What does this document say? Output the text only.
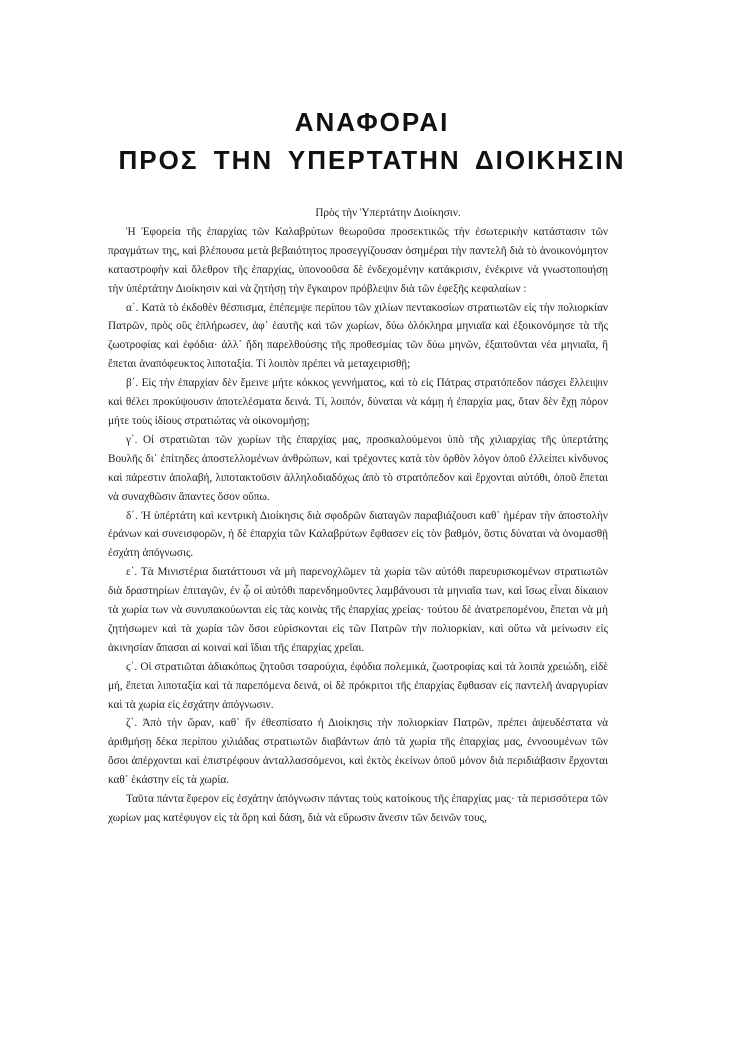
ΑΝΑΦΟΡΑΙ
ΠΡΟΣ ΤΗΝ ΥΠΕΡΤΑΤΗΝ ΔΙΟΙΚΗΣΙΝ

Πρὸς τὴν Ὑπερτάτην Διοίκησιν.

Ἡ Ἐφορεία τῆς ἐπαρχίας τῶν Καλαβρύτων θεωροῦσα προσεκτικῶς τὴν ἐσωτερικὴν κατάστασιν τῶν πραγμάτων της, καὶ βλέπουσα μετὰ βεβαιότητος προσεγγίζουσαν ὁσημέραι τὴν παντελῆ διὰ τὸ ἀνοικονόμητον καταστροφὴν καὶ ὄλεθρον τῆς ἐπαρχίας, ὑπονοοῦσα δὲ ἐνδεχομένην κατάκρισιν, ἐνέκρινε νὰ γνωστοποιήσῃ τὴν ὑπέρτάτην Διοίκησιν καὶ νὰ ζητήσῃ τὴν ἔγκαιρον πρόβλεψιν διὰ τῶν ἐφεξῆς κεφαλαίων :

α΄. Κατὰ τὸ ἐκδοθὲν θέσπισμα, ἐπέπεμψε περίπου τῶν χιλίων πεντακοσίων στρατιωτῶν εἰς τὴν πολιορκίαν Πατρῶν, πρὸς οὓς ἐπλήρωσεν, ἀφ᾽ ἑαυτῆς καὶ τῶν χωρίων, δύω ὁλόκληρα μηνιαῖα καὶ ἐξοικονόμησε τὰ τῆς ζωοτροφίας καὶ ἐφόδια· ἀλλ᾽ ἤδη παρελθούσης τῆς προθεσμίας τῶν δύω μηνῶν, ἐξαιτοῦνται νέα μηνιαῖα, ἢ ἕπεται ἀναπόφευκτος λιποταξία. Τί λοιπὸν πρέπει νὰ μεταχειρισθῇ;

β΄. Εἰς τὴν ἐπαρχίαν δὲν ἔμεινε μήτε κόκκος γεννήματος, καὶ τὸ εἰς Πάτρας στρατόπεδον πάσχει ἔλλειψιν καὶ θέλει προκύψουσιν ἀποτελέσματα δεινά. Τί, λοιπόν, δύναται νὰ κάμῃ ἡ ἐπαρχία μας, ὅταν δὲν ἔχῃ πόρον μήτε τοὺς ἰδίους στρατιώτας νὰ οἰκονομήσῃ;

γ΄. Οἱ στρατιῶται τῶν χωρίων τῆς ἐπαρχίας μας, προσκαλούμενοι ὑπὸ τῆς χιλιαρχίας τῆς ὑπερτάτης Βουλῆς δι᾽ ἐπίτηδες ἀποστελλομένων ἀνθρώπων, καὶ τρέχοντες κατὰ τὸν ὀρθὸν λόγον ὁποῦ ἐλλείπει κίνδυνος καὶ πάρεστιν ἀπολαβή, λιποτακτοῦσιν ἀλληλοδιαδόχως ἀπὸ τὸ στρατόπεδον καὶ ἔρχονται αὐτόθι, ὁποῦ ἕπεται νὰ συναχθῶσιν ἅπαντες ὅσον οὔπω.

δ΄. Ἡ ὑπέρτάτη καὶ κεντρικὴ Διοίκησις διὰ σφοδρῶν διαταγῶν παραβιάζουσι καθ᾽ ἡμέραν τὴν ἀποστολὴν ἐράνων καὶ συνεισφορῶν, ἡ δὲ ἐπαρχία τῶν Καλαβρύτων ἔφθασεν εἰς τὸν βαθμόν, ὅστις δύναται νὰ ὀνομασθῇ ἐσχάτη ἀπόγνωσις.

ε΄. Τὰ Μινιστέρια διατάττουσι νὰ μὴ παρενοχλῶμεν τὰ χωρία τῶν αὐτόθι παρευρισκομένων στρατιωτῶν διὰ δραστηρίων ἐπιταγῶν, ἐν ᾧ οἱ αὐτόθι παρενδημοῦντες λαμβάνουσι τὰ μηνιαῖα των, καὶ ἴσως εἶναι δίκαιον τὰ χωρία των νὰ συνυπακούωνται εἰς τὰς κοινὰς τῆς ἐπαρχίας χρείας· τούτου δὲ ἀνατρεπομένου, ἕπεται νὰ μὴ ζητήσωμεν καὶ τὰ χωρία τῶν ὅσοι εὑρίσκονται εἰς τῶν Πατρῶν τὴν πολιορκίαν, καὶ οὕτω νὰ μείνωσιν εἰς ἀκινησίαν ἅπασαι αἱ κοιναὶ καὶ ἴδιαι τῆς ἐπαρχίας χρεῖαι.

ϛ΄. Οἱ στρατιῶται ἀδιακόπως ζητοῦσι τσαρούχια, ἐφόδια πολεμικά, ζωοτροφίας καὶ τὰ λοιπὰ χρειώδη, εἰδὲ μή, ἕπεται λιποταξία καὶ τὰ παρεπόμενα δεινά, οἱ δὲ πρόκριτοι τῆς ἐπαρχίας ἔφθασαν εἰς παντελῆ ἀναργυρίαν καὶ τὰ χωρία εἰς ἐσχάτην ἀπόγνωσιν.

ζ΄. Ἀπὸ τὴν ὥραν, καθ᾽ ἣν ἐθεσπίσατο ἡ Διοίκησις τὴν πολιορκίαν Πατρῶν, πρέπει ἀψευδέστατα νὰ ἀριθμήσῃ δέκα περίπου χιλιάδας στρατιωτῶν διαβάντων ἀπὸ τὰ χωρία τῆς ἐπαρχίας μας, ἐννοουμένων τῶν ὅσοι ἀπέρχονται καὶ ἐπιστρέφουν ἀνταλλασσόμενοι, καὶ ἐκτὸς ἐκείνων ὁποῦ μόνον διὰ περιδιάβασιν ἔρχονται καθ᾽ ἑκάστην εἰς τὰ χωρία.

Ταῦτα πάντα ἔφερον εἰς ἐσχάτην ἀπόγνωσιν πάντας τοὺς κατοίκους τῆς ἐπαρχίας μας· τὰ περισσότερα τῶν χωρίων μας κατέφυγον εἰς τὰ ὄρη καὶ δάση, διὰ νὰ εὕρωσιν ἄνεσιν τῶν δεινῶν τους,
